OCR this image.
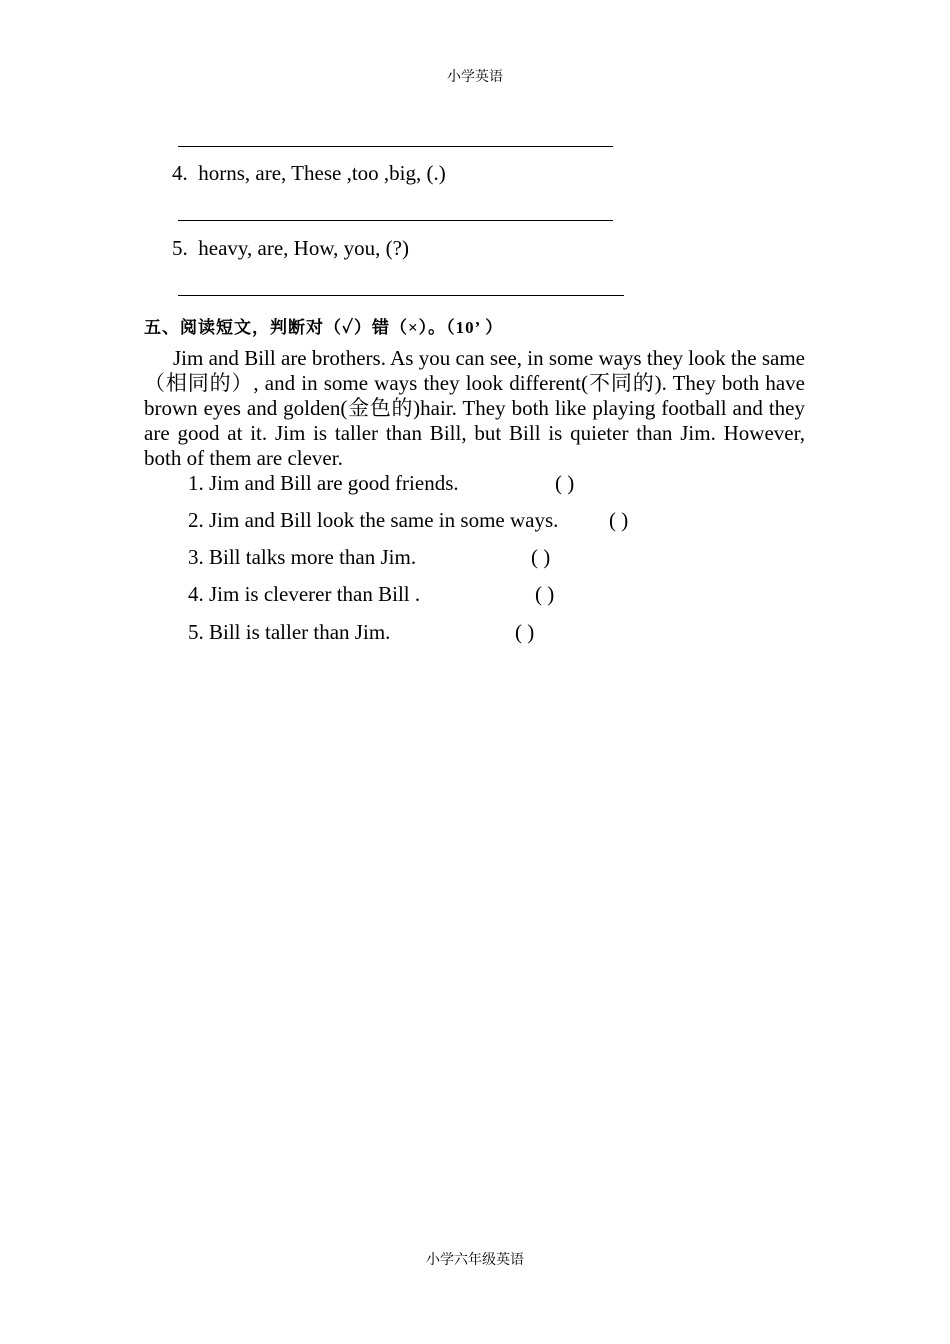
小学英语
4. horns, are, These ,too ,big, (.)
5. heavy, are, How, you, (?)
五、阅读短文，判断对（✓）错（×）。（10’ ）
Jim and Bill are brothers. As you can see, in some ways they look the same（相同的）, and in some ways they look different(不同的). They both have brown eyes and golden(金色的)hair. They both like playing football and they are good at it. Jim is taller than Bill, but Bill is quieter than Jim. However, both of them are clever.
1. Jim and Bill are good friends.	( )
2. Jim and Bill look the same in some ways. ( )
3. Bill talks more than Jim.	( )
4. Jim is cleverer than Bill .	( )
5. Bill is taller than Jim.	( )
小学六年级英语
